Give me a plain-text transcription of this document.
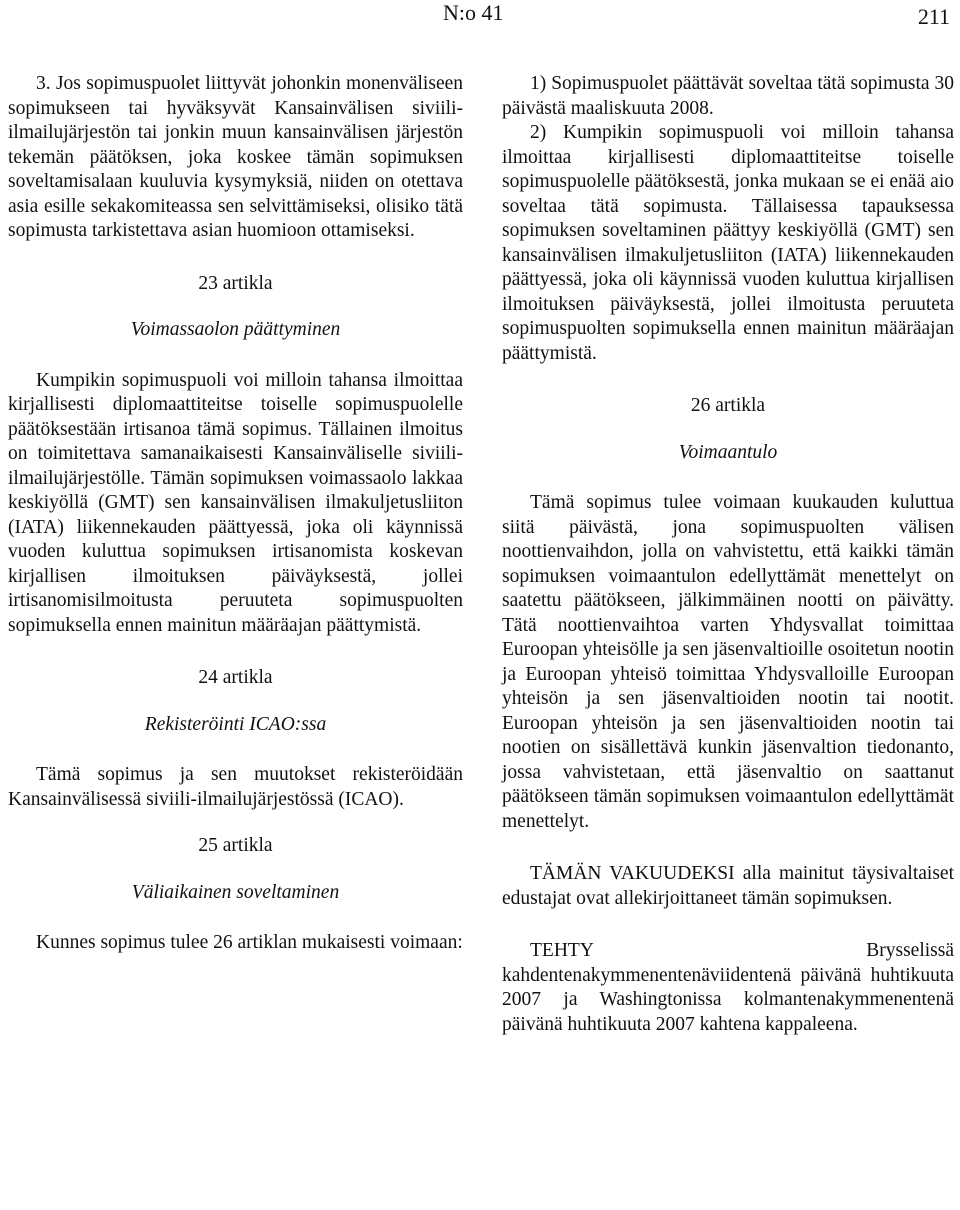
N:o 41	211

3. Jos sopimuspuolet liittyvät johonkin monenväliseen sopimukseen tai hyväksyvät Kansainvälisen siviili-ilmailujärjestön tai jonkin muun kansainvälisen järjestön tekemän päätöksen, joka koskee tämän sopimuksen soveltamisalaan kuuluvia kysymyksiä, niiden on otettava asia esille sekakomiteassa sen selvittämiseksi, olisiko tätä sopimusta tarkistettava asian huomioon ottamiseksi.

23 artikla

Voimassaolon päättyminen

Kumpikin sopimuspuoli voi milloin tahansa ilmoittaa kirjallisesti diplomaattiteitse toiselle sopimuspuolelle päätöksestään irtisanoa tämä sopimus. Tällainen ilmoitus on toimitettava samanaikaisesti Kansainväliselle siviili-ilmailujärjestölle. Tämän sopimuksen voimassaolo lakkaa keskiyöllä (GMT) sen kansainvälisen ilmakuljetusliiton (IATA) liikennekauden päättyessä, joka oli käynnissä vuoden kuluttua sopimuksen irtisanomista koskevan kirjallisen ilmoituksen päiväyksestä, jollei irtisanomisilmoitusta peruuteta sopimuspuolten sopimuksella ennen mainitun määräajan päättymistä.

24 artikla

Rekisteröinti ICAO:ssa

Tämä sopimus ja sen muutokset rekisteröidään Kansainvälisessä siviili-ilmailujärjestössä (ICAO).

25 artikla

Väliaikainen soveltaminen

Kunnes sopimus tulee 26 artiklan mukaisesti voimaan:

1) Sopimuspuolet päättävät soveltaa tätä sopimusta 30 päivästä maaliskuuta 2008.

2) Kumpikin sopimuspuoli voi milloin tahansa ilmoittaa kirjallisesti diplomaattiteitse toiselle sopimuspuolelle päätöksestä, jonka mukaan se ei enää aio soveltaa tätä sopimusta. Tällaisessa tapauksessa sopimuksen soveltaminen päättyy keskiyöllä (GMT) sen kansainvälisen ilmakuljetusliiton (IATA) liikennekauden päättyessä, joka oli käynnissä vuoden kuluttua kirjallisen ilmoituksen päiväyksestä, jollei ilmoitusta peruuteta sopimuspuolten sopimuksella ennen mainitun määräajan päättymistä.

26 artikla

Voimaantulo

Tämä sopimus tulee voimaan kuukauden kuluttua siitä päivästä, jona sopimuspuolten välisen noottienvaihdon, jolla on vahvistettu, että kaikki tämän sopimuksen voimaantulon edellyttämät menettelyt on saatettu päätökseen, jälkimmäinen nootti on päivätty. Tätä noottienvaihtoa varten Yhdysvallat toimittaa Euroopan yhteisölle ja sen jäsenvaltioille osoitetun nootin ja Euroopan yhteisö toimittaa Yhdysvalloille Euroopan yhteisön ja sen jäsenvaltioiden nootin tai nootit. Euroopan yhteisön ja sen jäsenvaltioiden nootin tai nootien on sisällettävä kunkin jäsenvaltion tiedonanto, jossa vahvistetaan, että jäsenvaltio on saattanut päätökseen tämän sopimuksen voimaantulon edellyttämät menettelyt.

TÄMÄN VAKUUDEKSI alla mainitut täysivaltaiset edustajat ovat allekirjoittaneet tämän sopimuksen.

TEHTY Brysselissä kahdentenakymmenentenäviidentenä päivänä huhtikuuta 2007 ja Washingtonissa kolmantenakymmenentenä päivänä huhtikuuta 2007 kahtena kappaleena.
